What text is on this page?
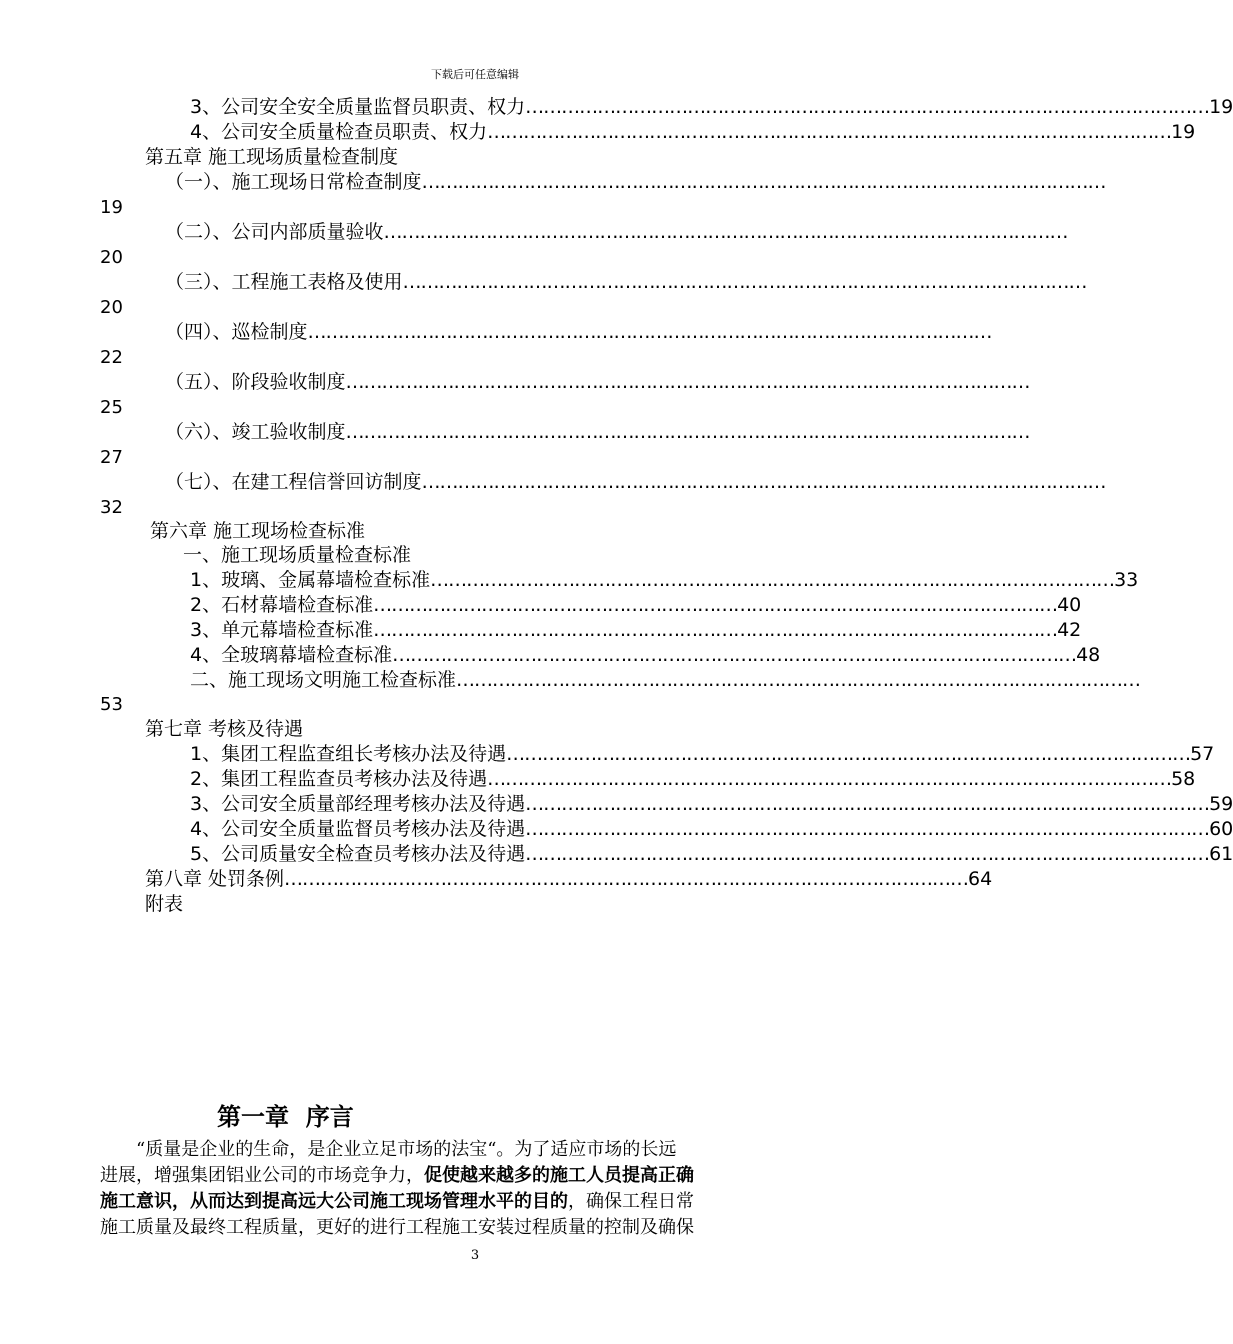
下载后可任意编辑
3、公司安全安全质量监督员职责、权力 …………………………………………………………………………………………………… 19
4、公司安全质量检查员职责、权力 …………………………………………………………………………………………………… 19
第五章 施工现场质量检查制度
（一）、施工现场日常检查制度 ……………………………………………………………………………………………………
19
（二）、公司内部质量验收 ……………………………………………………………………………………………………
20
（三）、工程施工表格及使用 ……………………………………………………………………………………………………
20
（四）、巡检制度 ……………………………………………………………………………………………………
22
（五）、阶段验收制度 ……………………………………………………………………………………………………
25
（六）、竣工验收制度 ……………………………………………………………………………………………………
27
（七）、在建工程信誉回访制度 ……………………………………………………………………………………………………
32
第六章 施工现场检查标准
一、施工现场质量检查标准
1、玻璃、金属幕墙检查标准 …………………………………………………………………………………………………… 33
2、石材幕墙检查标准 …………………………………………………………………………………………………… 40
3、单元幕墙检查标准 …………………………………………………………………………………………………… 42
4、全玻璃幕墙检查标准 …………………………………………………………………………………………………… 48
二、施工现场文明施工检查标准 ……………………………………………………………………………………………………
53
第七章 考核及待遇
1、集团工程监查组长考核办法及待遇 …………………………………………………………………………………………………… 57
2、集团工程监查员考核办法及待遇 …………………………………………………………………………………………………… 58
3、公司安全质量部经理考核办法及待遇 …………………………………………………………………………………………………… 59
4、公司安全质量监督员考核办法及待遇 …………………………………………………………………………………………………… 60
5、公司质量安全检查员考核办法及待遇 …………………………………………………………………………………………………… 61
第八章 处罚条例 …………………………………………………………………………………………………… 64
附表
第一章  序言
“质量是企业的生命，是企业立足市场的法宝“。为了适应市场的长远
进展，增强集团铝业公司的市场竞争力，促使越来越多的施工人员提高正确
施工意识，从而达到提高远大公司施工现场管理水平的目的，确保工程日常
施工质量及最终工程质量，更好的进行工程施工安装过程质量的控制及确保
3
